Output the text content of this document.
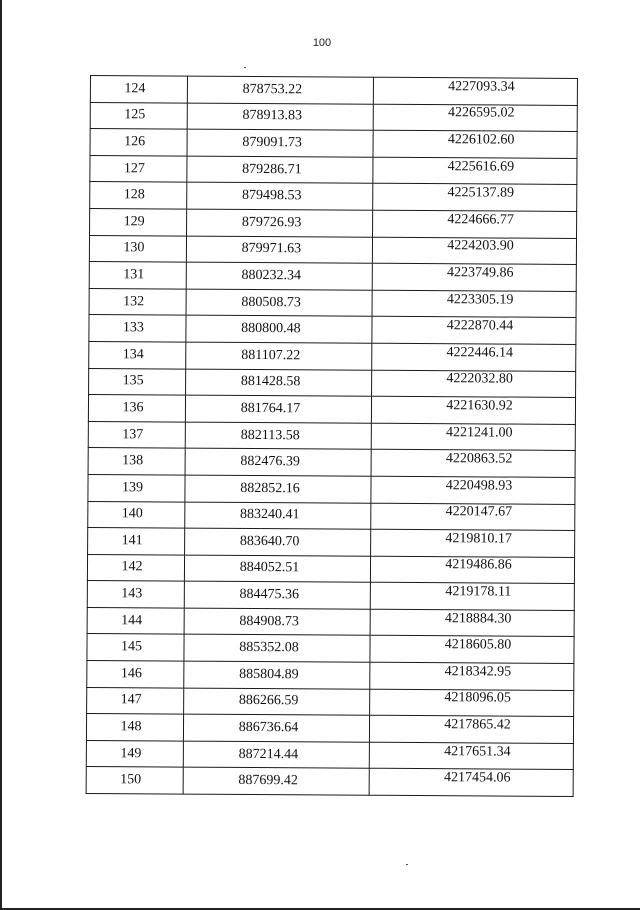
100
124	878753.22	4227093.34
125	878913.83	4226595.02
126	879091.73	4226102.60
127	879286.71	4225616.69
128	879498.53	4225137.89
129	879726.93	4224666.77
130	879971.63	4224203.90
131	880232.34	4223749.86
132	880508.73	4223305.19
133	880800.48	4222870.44
134	881107.22	4222446.14
135	881428.58	4222032.80
136	881764.17	4221630.92
137	882113.58	4221241.00
138	882476.39	4220863.52
139	882852.16	4220498.93
140	883240.41	4220147.67
141	883640.70	4219810.17
142	884052.51	4219486.86
143	884475.36	4219178.11
144	884908.73	4218884.30
145	885352.08	4218605.80
146	885804.89	4218342.95
147	886266.59	4218096.05
148	886736.64	4217865.42
149	887214.44	4217651.34
150	887699.42	4217454.06
